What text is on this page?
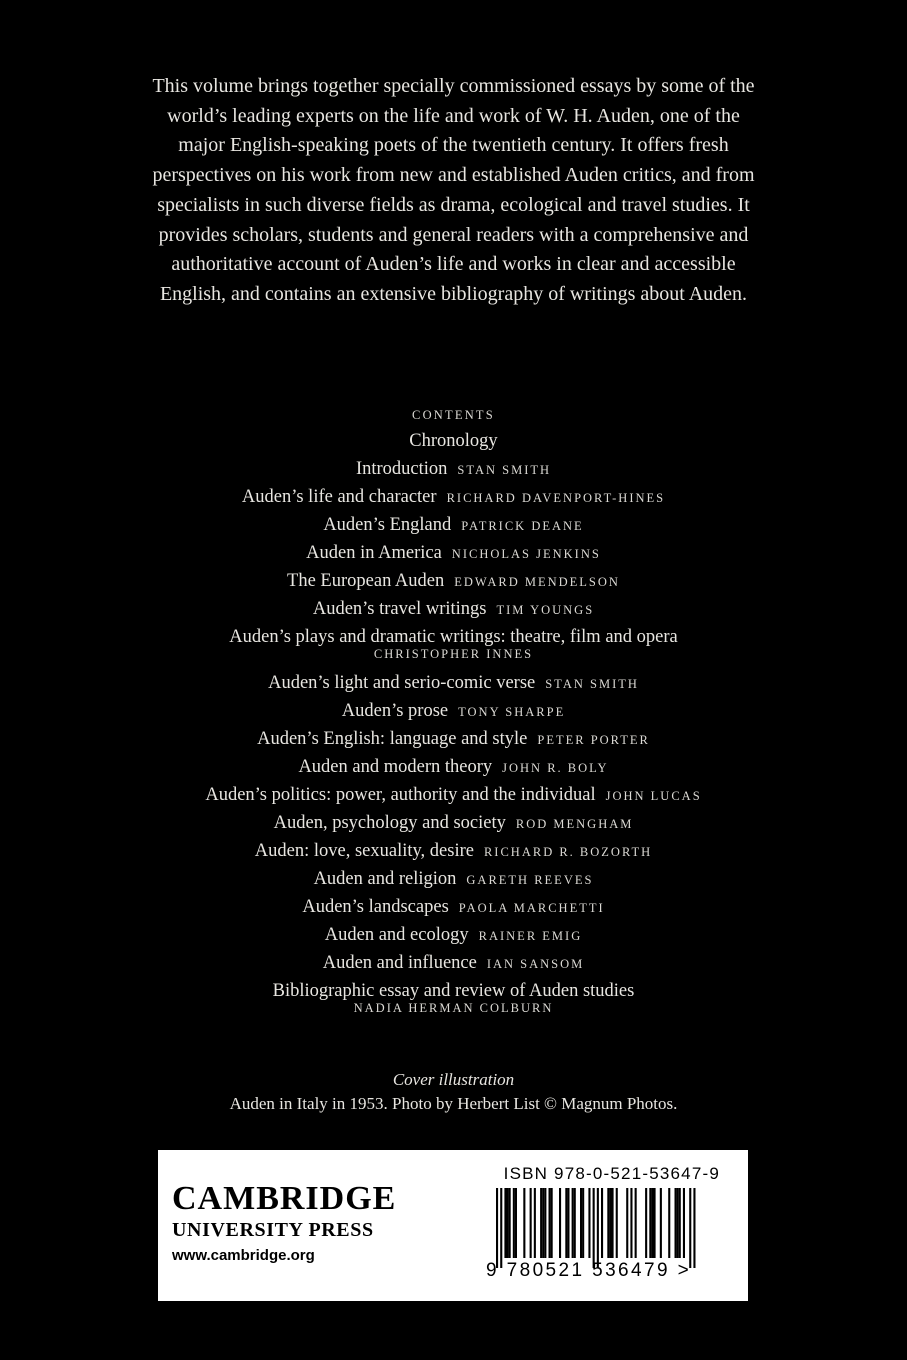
This volume brings together specially commissioned essays by some of the world’s leading experts on the life and work of W. H. Auden, one of the major English-speaking poets of the twentieth century. It offers fresh perspectives on his work from new and established Auden critics, and from specialists in such diverse fields as drama, ecological and travel studies. It provides scholars, students and general readers with a comprehensive and authoritative account of Auden’s life and works in clear and accessible English, and contains an extensive bibliography of writings about Auden.

CONTENTS
Chronology
Introduction STAN SMITH
Auden’s life and character RICHARD DAVENPORT-HINES
Auden’s England PATRICK DEANE
Auden in America NICHOLAS JENKINS
The European Auden EDWARD MENDELSON
Auden’s travel writings TIM YOUNGS
Auden’s plays and dramatic writings: theatre, film and opera
CHRISTOPHER INNES
Auden’s light and serio-comic verse STAN SMITH
Auden’s prose TONY SHARPE
Auden’s English: language and style PETER PORTER
Auden and modern theory JOHN R. BOLY
Auden’s politics: power, authority and the individual JOHN LUCAS
Auden, psychology and society ROD MENGHAM
Auden: love, sexuality, desire RICHARD R. BOZORTH
Auden and religion GARETH REEVES
Auden’s landscapes PAOLA MARCHETTI
Auden and ecology RAINER EMIG
Auden and influence IAN SANSOM
Bibliographic essay and review of Auden studies
NADIA HERMAN COLBURN
Cover illustration
Auden in Italy in 1953. Photo by Herbert List © Magnum Photos.
CAMBRIDGE
UNIVERSITY PRESS
www.cambridge.org
ISBN 978-0-521-53647-9
9 780521 536479 >
